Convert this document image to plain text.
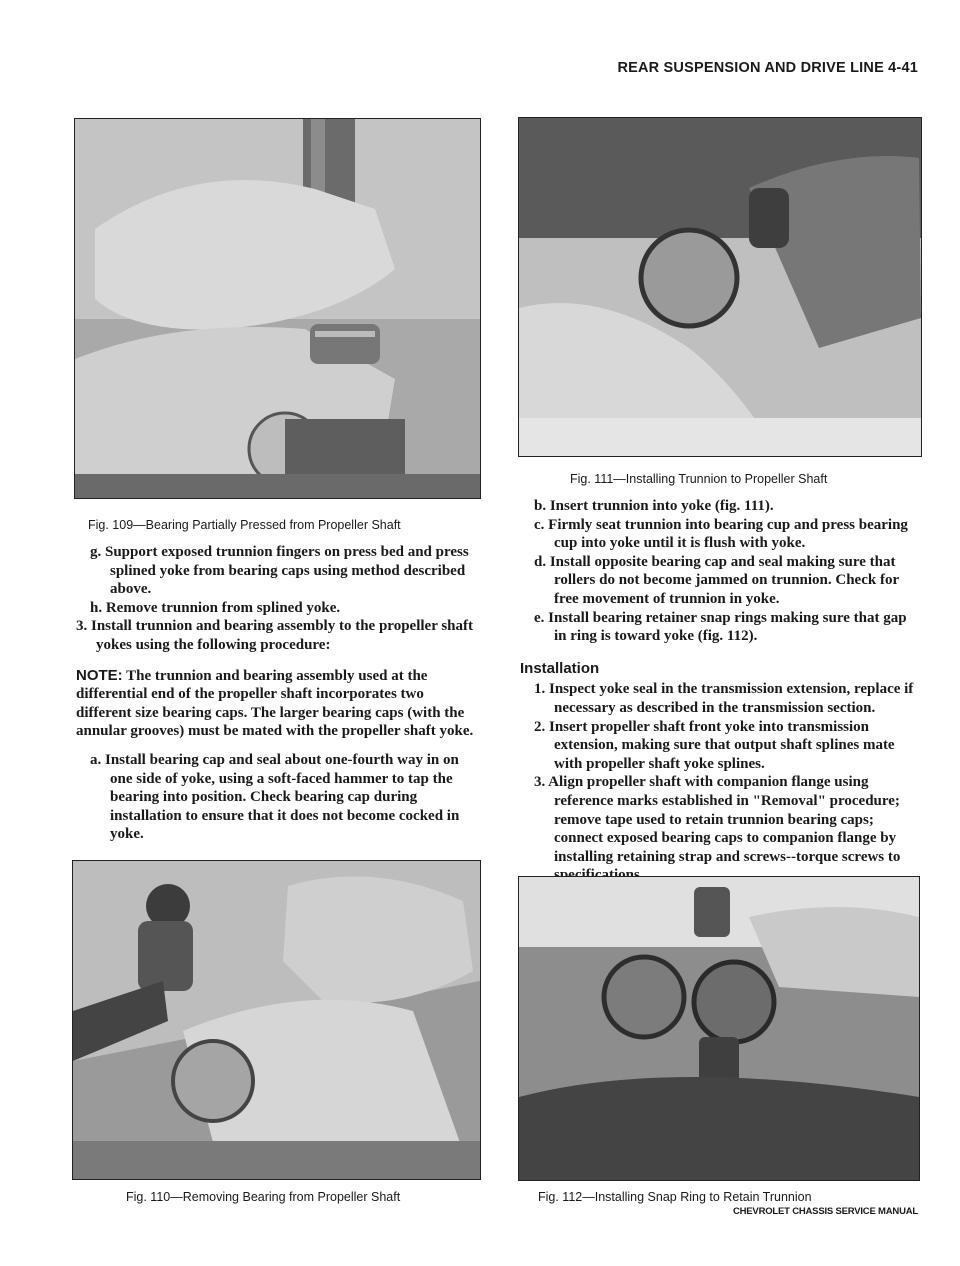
REAR SUSPENSION AND DRIVE LINE 4-41
Fig. 109—Bearing Partially Pressed from Propeller Shaft

g. Support exposed trunnion fingers on press bed and press splined yoke from bearing caps using method described above.

h. Remove trunnion from splined yoke.

3. Install trunnion and bearing assembly to the propeller shaft yokes using the following procedure:

NOTE: The trunnion and bearing assembly used at the differential end of the propeller shaft incorporates two different size bearing caps. The larger bearing caps (with the annular grooves) must be mated with the propeller shaft yoke.

a. Install bearing cap and seal about one-fourth way in on one side of yoke, using a soft-faced hammer to tap the bearing into position. Check bearing cap during installation to ensure that it does not become cocked in yoke.

Fig. 110—Removing Bearing from Propeller Shaft
Fig. 111—Installing Trunnion to Propeller Shaft

b. Insert trunnion into yoke (fig. 111).

c. Firmly seat trunnion into bearing cup and press bearing cup into yoke until it is flush with yoke.

d. Install opposite bearing cap and seal making sure that rollers do not become jammed on trunnion. Check for free movement of trunnion in yoke.

e. Install bearing retainer snap rings making sure that gap in ring is toward yoke (fig. 112).

Installation

1. Inspect yoke seal in the transmission extension, replace if necessary as described in the transmission section.

2. Insert propeller shaft front yoke into transmission extension, making sure that output shaft splines mate with propeller shaft yoke splines.

3. Align propeller shaft with companion flange using reference marks established in "Removal" procedure; remove tape used to retain trunnion bearing caps; connect exposed bearing caps to companion flange by installing retaining strap and screws--torque screws to

Fig. 112—Installing Snap Ring to Retain Trunnion
CHEVROLET CHASSIS SERVICE MANUAL
